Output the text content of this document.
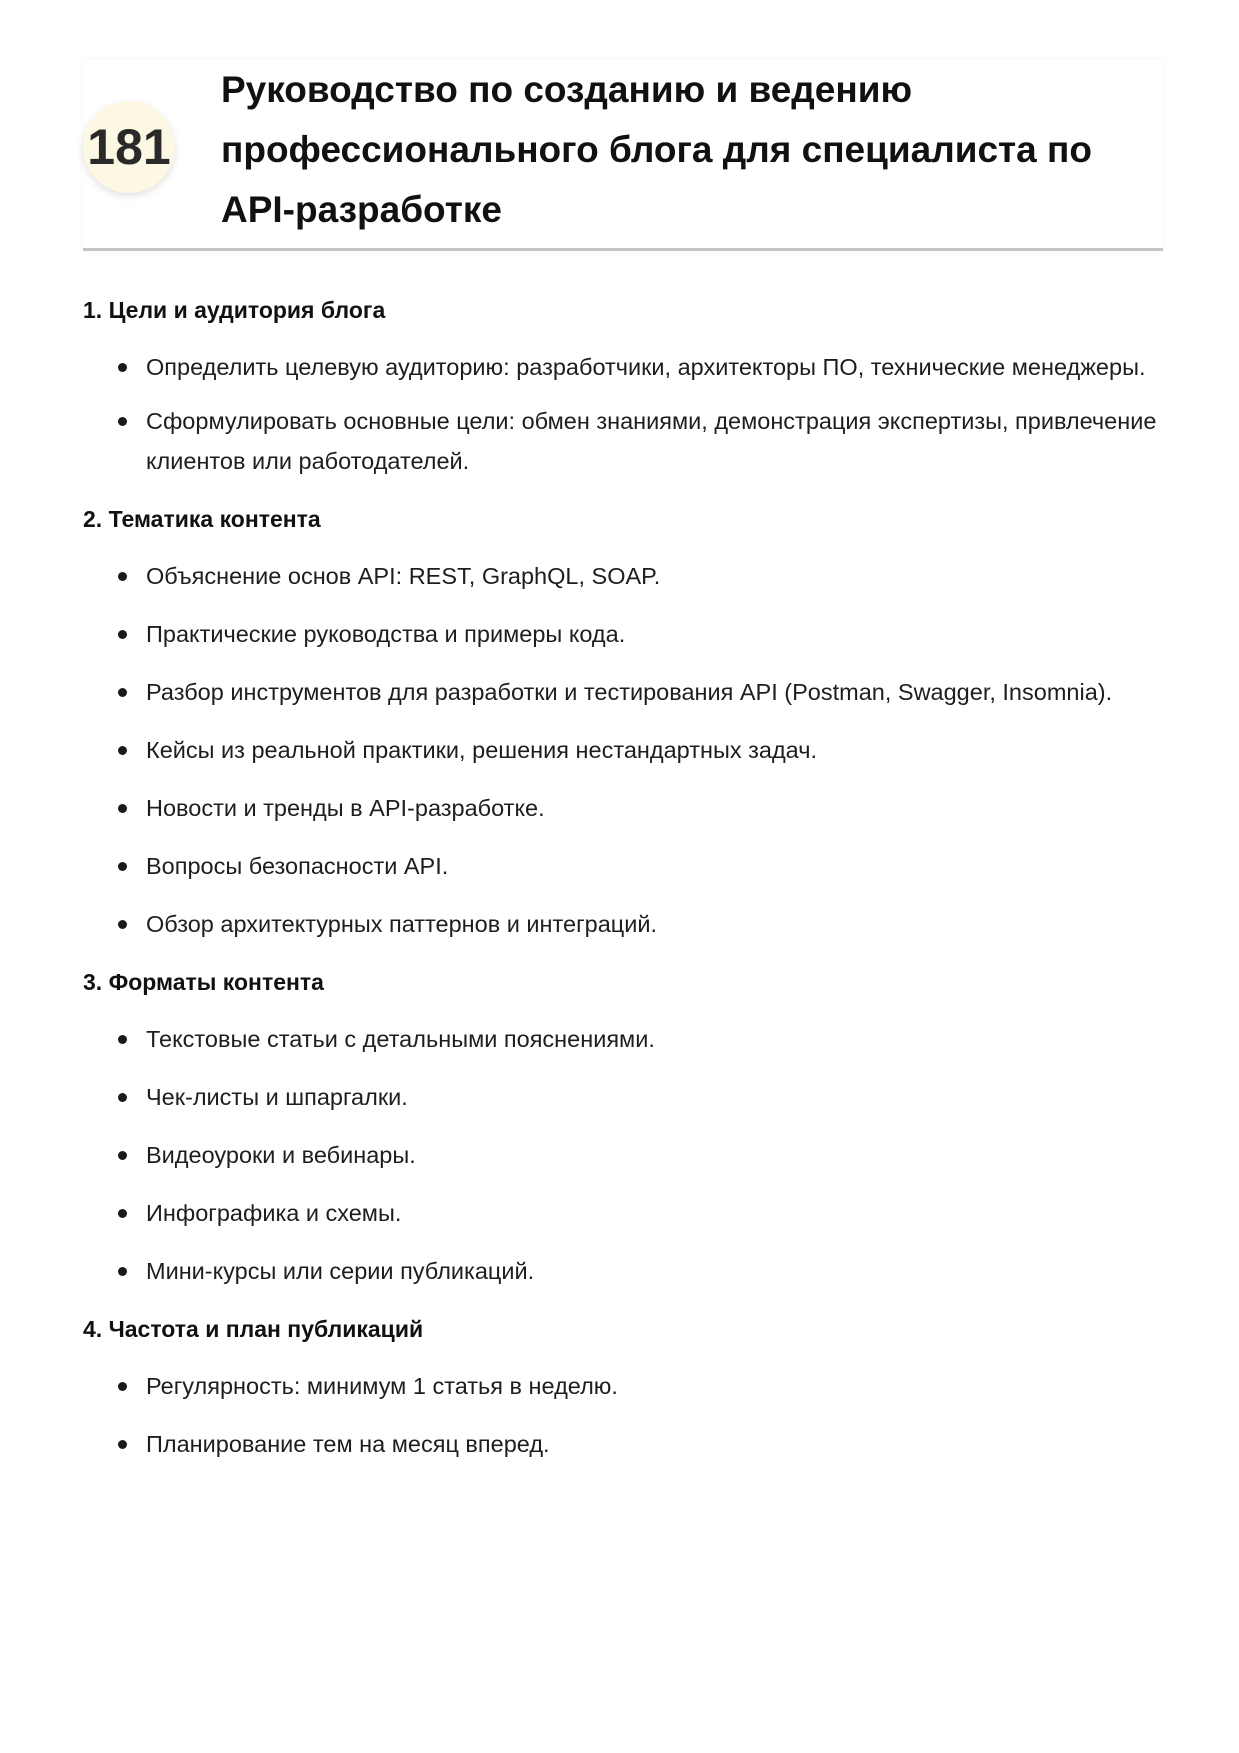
181
Руководство по созданию и ведению профессионального блога для специалиста по API-разработке
1. Цели и аудитория блога
Определить целевую аудиторию: разработчики, архитекторы ПО, технические менеджеры.
Сформулировать основные цели: обмен знаниями, демонстрация экспертизы, привлечение клиентов или работодателей.
2. Тематика контента
Объяснение основ API: REST, GraphQL, SOAP.
Практические руководства и примеры кода.
Разбор инструментов для разработки и тестирования API (Postman, Swagger, Insomnia).
Кейсы из реальной практики, решения нестандартных задач.
Новости и тренды в API-разработке.
Вопросы безопасности API.
Обзор архитектурных паттернов и интеграций.
3. Форматы контента
Текстовые статьи с детальными пояснениями.
Чек-листы и шпаргалки.
Видеоуроки и вебинары.
Инфографика и схемы.
Мини-курсы или серии публикаций.
4. Частота и план публикаций
Регулярность: минимум 1 статья в неделю.
Планирование тем на месяц вперед.
